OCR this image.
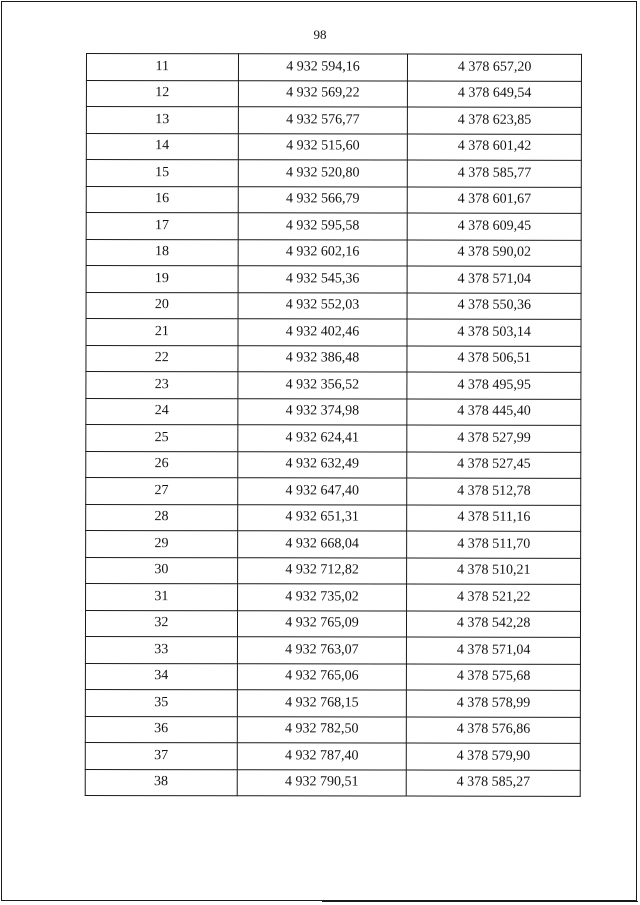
98
11	4 932 594,16	4 378 657,20
12	4 932 569,22	4 378 649,54
13	4 932 576,77	4 378 623,85
14	4 932 515,60	4 378 601,42
15	4 932 520,80	4 378 585,77
16	4 932 566,79	4 378 601,67
17	4 932 595,58	4 378 609,45
18	4 932 602,16	4 378 590,02
19	4 932 545,36	4 378 571,04
20	4 932 552,03	4 378 550,36
21	4 932 402,46	4 378 503,14
22	4 932 386,48	4 378 506,51
23	4 932 356,52	4 378 495,95
24	4 932 374,98	4 378 445,40
25	4 932 624,41	4 378 527,99
26	4 932 632,49	4 378 527,45
27	4 932 647,40	4 378 512,78
28	4 932 651,31	4 378 511,16
29	4 932 668,04	4 378 511,70
30	4 932 712,82	4 378 510,21
31	4 932 735,02	4 378 521,22
32	4 932 765,09	4 378 542,28
33	4 932 763,07	4 378 571,04
34	4 932 765,06	4 378 575,68
35	4 932 768,15	4 378 578,99
36	4 932 782,50	4 378 576,86
37	4 932 787,40	4 378 579,90
38	4 932 790,51	4 378 585,27
